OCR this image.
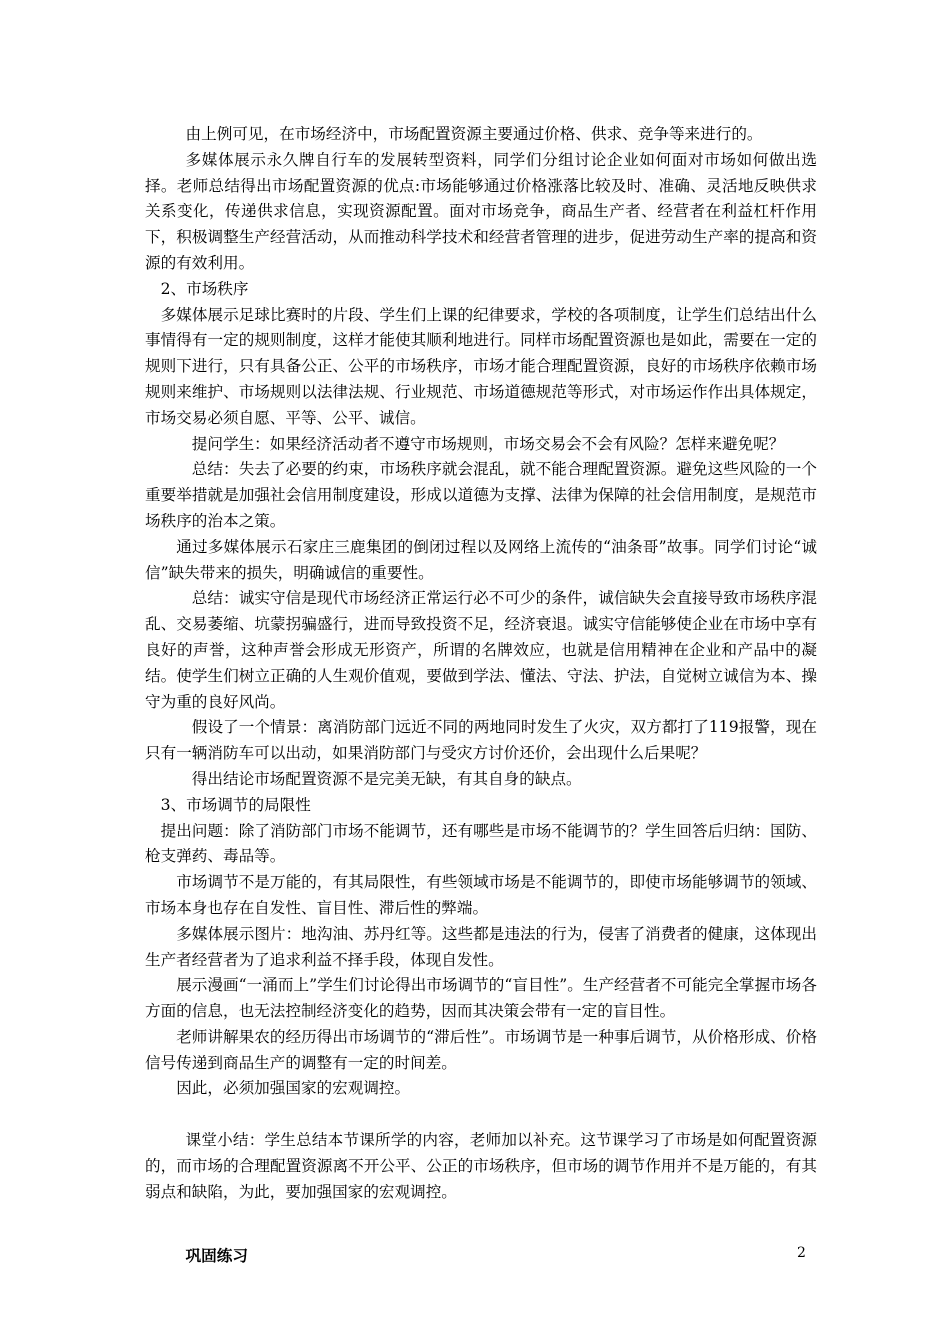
由上例可见，在市场经济中，市场配置资源主要通过价格、供求、竞争等来进行的。

多媒体展示永久牌自行车的发展转型资料，同学们分组讨论企业如何面对市场如何做出选择。老师总结得出市场配置资源的优点:市场能够通过价格涨落比较及时、准确、灵活地反映供求关系变化，传递供求信息，实现资源配置。面对市场竞争，商品生产者、经营者在利益杠杆作用下，积极调整生产经营活动，从而推动科学技术和经营者管理的进步，促进劳动生产率的提高和资源的有效利用。

2、市场秩序

多媒体展示足球比赛时的片段、学生们上课的纪律要求，学校的各项制度，让学生们总结出什么事情得有一定的规则制度，这样才能使其顺利地进行。同样市场配置资源也是如此，需要在一定的规则下进行，只有具备公正、公平的市场秩序，市场才能合理配置资源，良好的市场秩序依赖市场规则来维护、市场规则以法律法规、行业规范、市场道德规范等形式，对市场运作作出具体规定，市场交易必须自愿、平等、公平、诚信。

提问学生：如果经济活动者不遵守市场规则，市场交易会不会有风险？怎样来避免呢？

总结：失去了必要的约束，市场秩序就会混乱，就不能合理配置资源。避免这些风险的一个重要举措就是加强社会信用制度建设，形成以道德为支撑、法律为保障的社会信用制度，是规范市场秩序的治本之策。

通过多媒体展示石家庄三鹿集团的倒闭过程以及网络上流传的“油条哥”故事。同学们讨论“诚信”缺失带来的损失，明确诚信的重要性。

总结：诚实守信是现代市场经济正常运行必不可少的条件，诚信缺失会直接导致市场秩序混乱、交易萎缩、坑蒙拐骗盛行，进而导致投资不足，经济衰退。诚实守信能够使企业在市场中享有良好的声誉，这种声誉会形成无形资产，所谓的名牌效应，也就是信用精神在企业和产品中的凝结。使学生们树立正确的人生观价值观，要做到学法、懂法、守法、护法，自觉树立诚信为本、操守为重的良好风尚。

假设了一个情景：离消防部门远近不同的两地同时发生了火灾，双方都打了119报警，现在只有一辆消防车可以出动，如果消防部门与受灾方讨价还价，会出现什么后果呢？

得出结论市场配置资源不是完美无缺，有其自身的缺点。

3、市场调节的局限性

提出问题：除了消防部门市场不能调节，还有哪些是市场不能调节的？学生回答后归纳：国防、枪支弹药、毒品等。

市场调节不是万能的，有其局限性，有些领域市场是不能调节的，即使市场能够调节的领域、市场本身也存在自发性、盲目性、滞后性的弊端。

多媒体展示图片：地沟油、苏丹红等。这些都是违法的行为，侵害了消费者的健康，这体现出生产者经营者为了追求利益不择手段，体现自发性。

展示漫画“一涌而上”学生们讨论得出市场调节的“盲目性”。生产经营者不可能完全掌握市场各方面的信息，也无法控制经济变化的趋势，因而其决策会带有一定的盲目性。

老师讲解果农的经历得出市场调节的“滞后性”。市场调节是一种事后调节，从价格形成、价格信号传递到商品生产的调整有一定的时间差。

因此，必须加强国家的宏观调控。

课堂小结：学生总结本节课所学的内容，老师加以补充。这节课学习了市场是如何配置资源的，而市场的合理配置资源离不开公平、公正的市场秩序，但市场的调节作用并不是万能的，有其弱点和缺陷，为此，要加强国家的宏观调控。

巩固练习	2
